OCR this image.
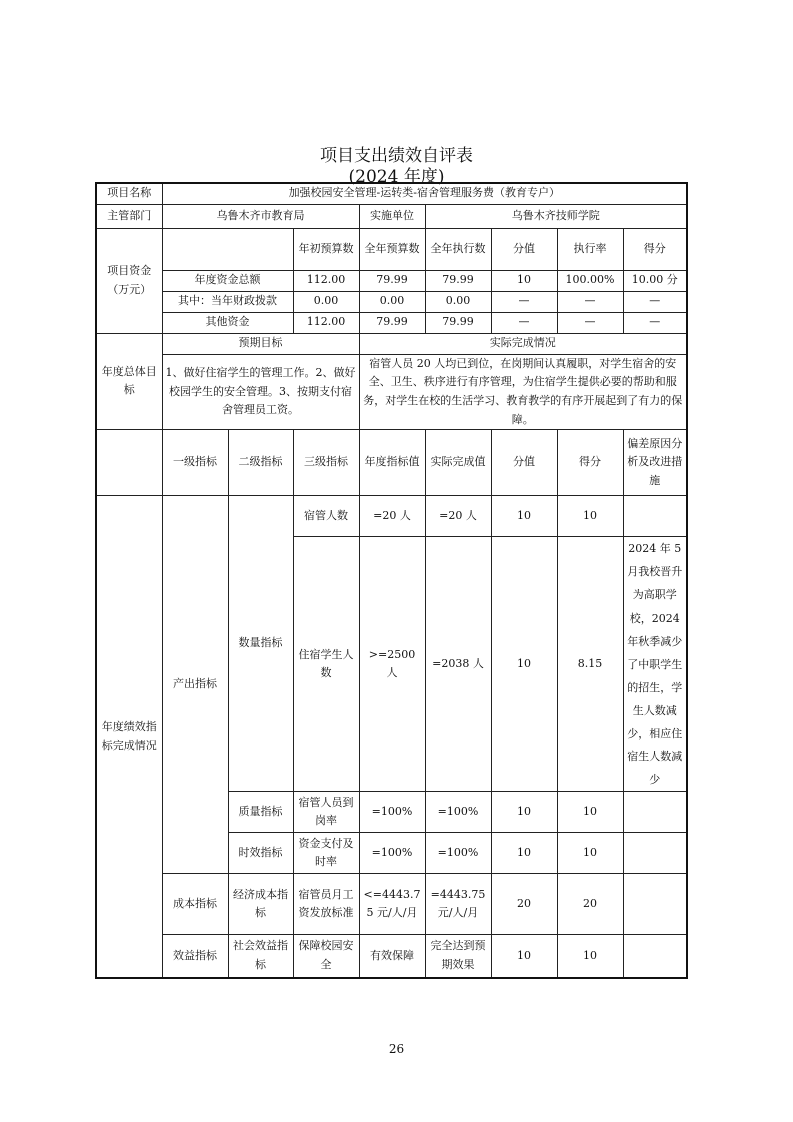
项目支出绩效自评表
(2024 年度)
项目名称	加强校园安全管理-运转类-宿舍管理服务费（教育专户）							
主管部门	乌鲁木齐市教育局			实施单位	乌鲁木齐技师学院			
项目资金（万元）			年初预算数	全年预算数	全年执行数	分值	执行率	得分
	年度资金总额		112.00	79.99	79.99	10	100.00%	10.00 分
	其中：当年财政拨款		0.00	0.00	0.00	—	—	—
	其他资金		112.00	79.99	79.99	—	—	—
年度总体目标	预期目标			实际完成情况				
	1、做好住宿学生的管理工作。2、做好校园学生的安全管理。3、按期支付宿舍管理员工资。			宿管人员 20 人均已到位，在岗期间认真履职，对学生宿舍的安全、卫生、秩序进行有序管理，为住宿学生提供必要的帮助和服务，对学生在校的生活学习、教育教学的有序开展起到了有力的保障。				
	一级指标	二级指标	三级指标	年度指标值	实际完成值	分值	得分	偏差原因分析及改进措施
年度绩效指标完成情况	产出指标	数量指标	宿管人数	=20 人	=20 人	10	10	
			住宿学生人数	>=2500 人	=2038 人	10	8.15	2024 年 5 月我校晋升为高职学校，2024 年秋季减少了中职学生的招生，学生人数减少，相应住宿生人数减少
		质量指标	宿管人员到岗率	=100%	=100%	10	10	
		时效指标	资金支付及时率	=100%	=100%	10	10	
	成本指标	经济成本指标	宿管员月工资发放标准	<=4443.75 元/人/月	=4443.75 元/人/月	20	20	
	效益指标	社会效益指标	保障校园安全	有效保障	完全达到预期效果	10	10	
26
